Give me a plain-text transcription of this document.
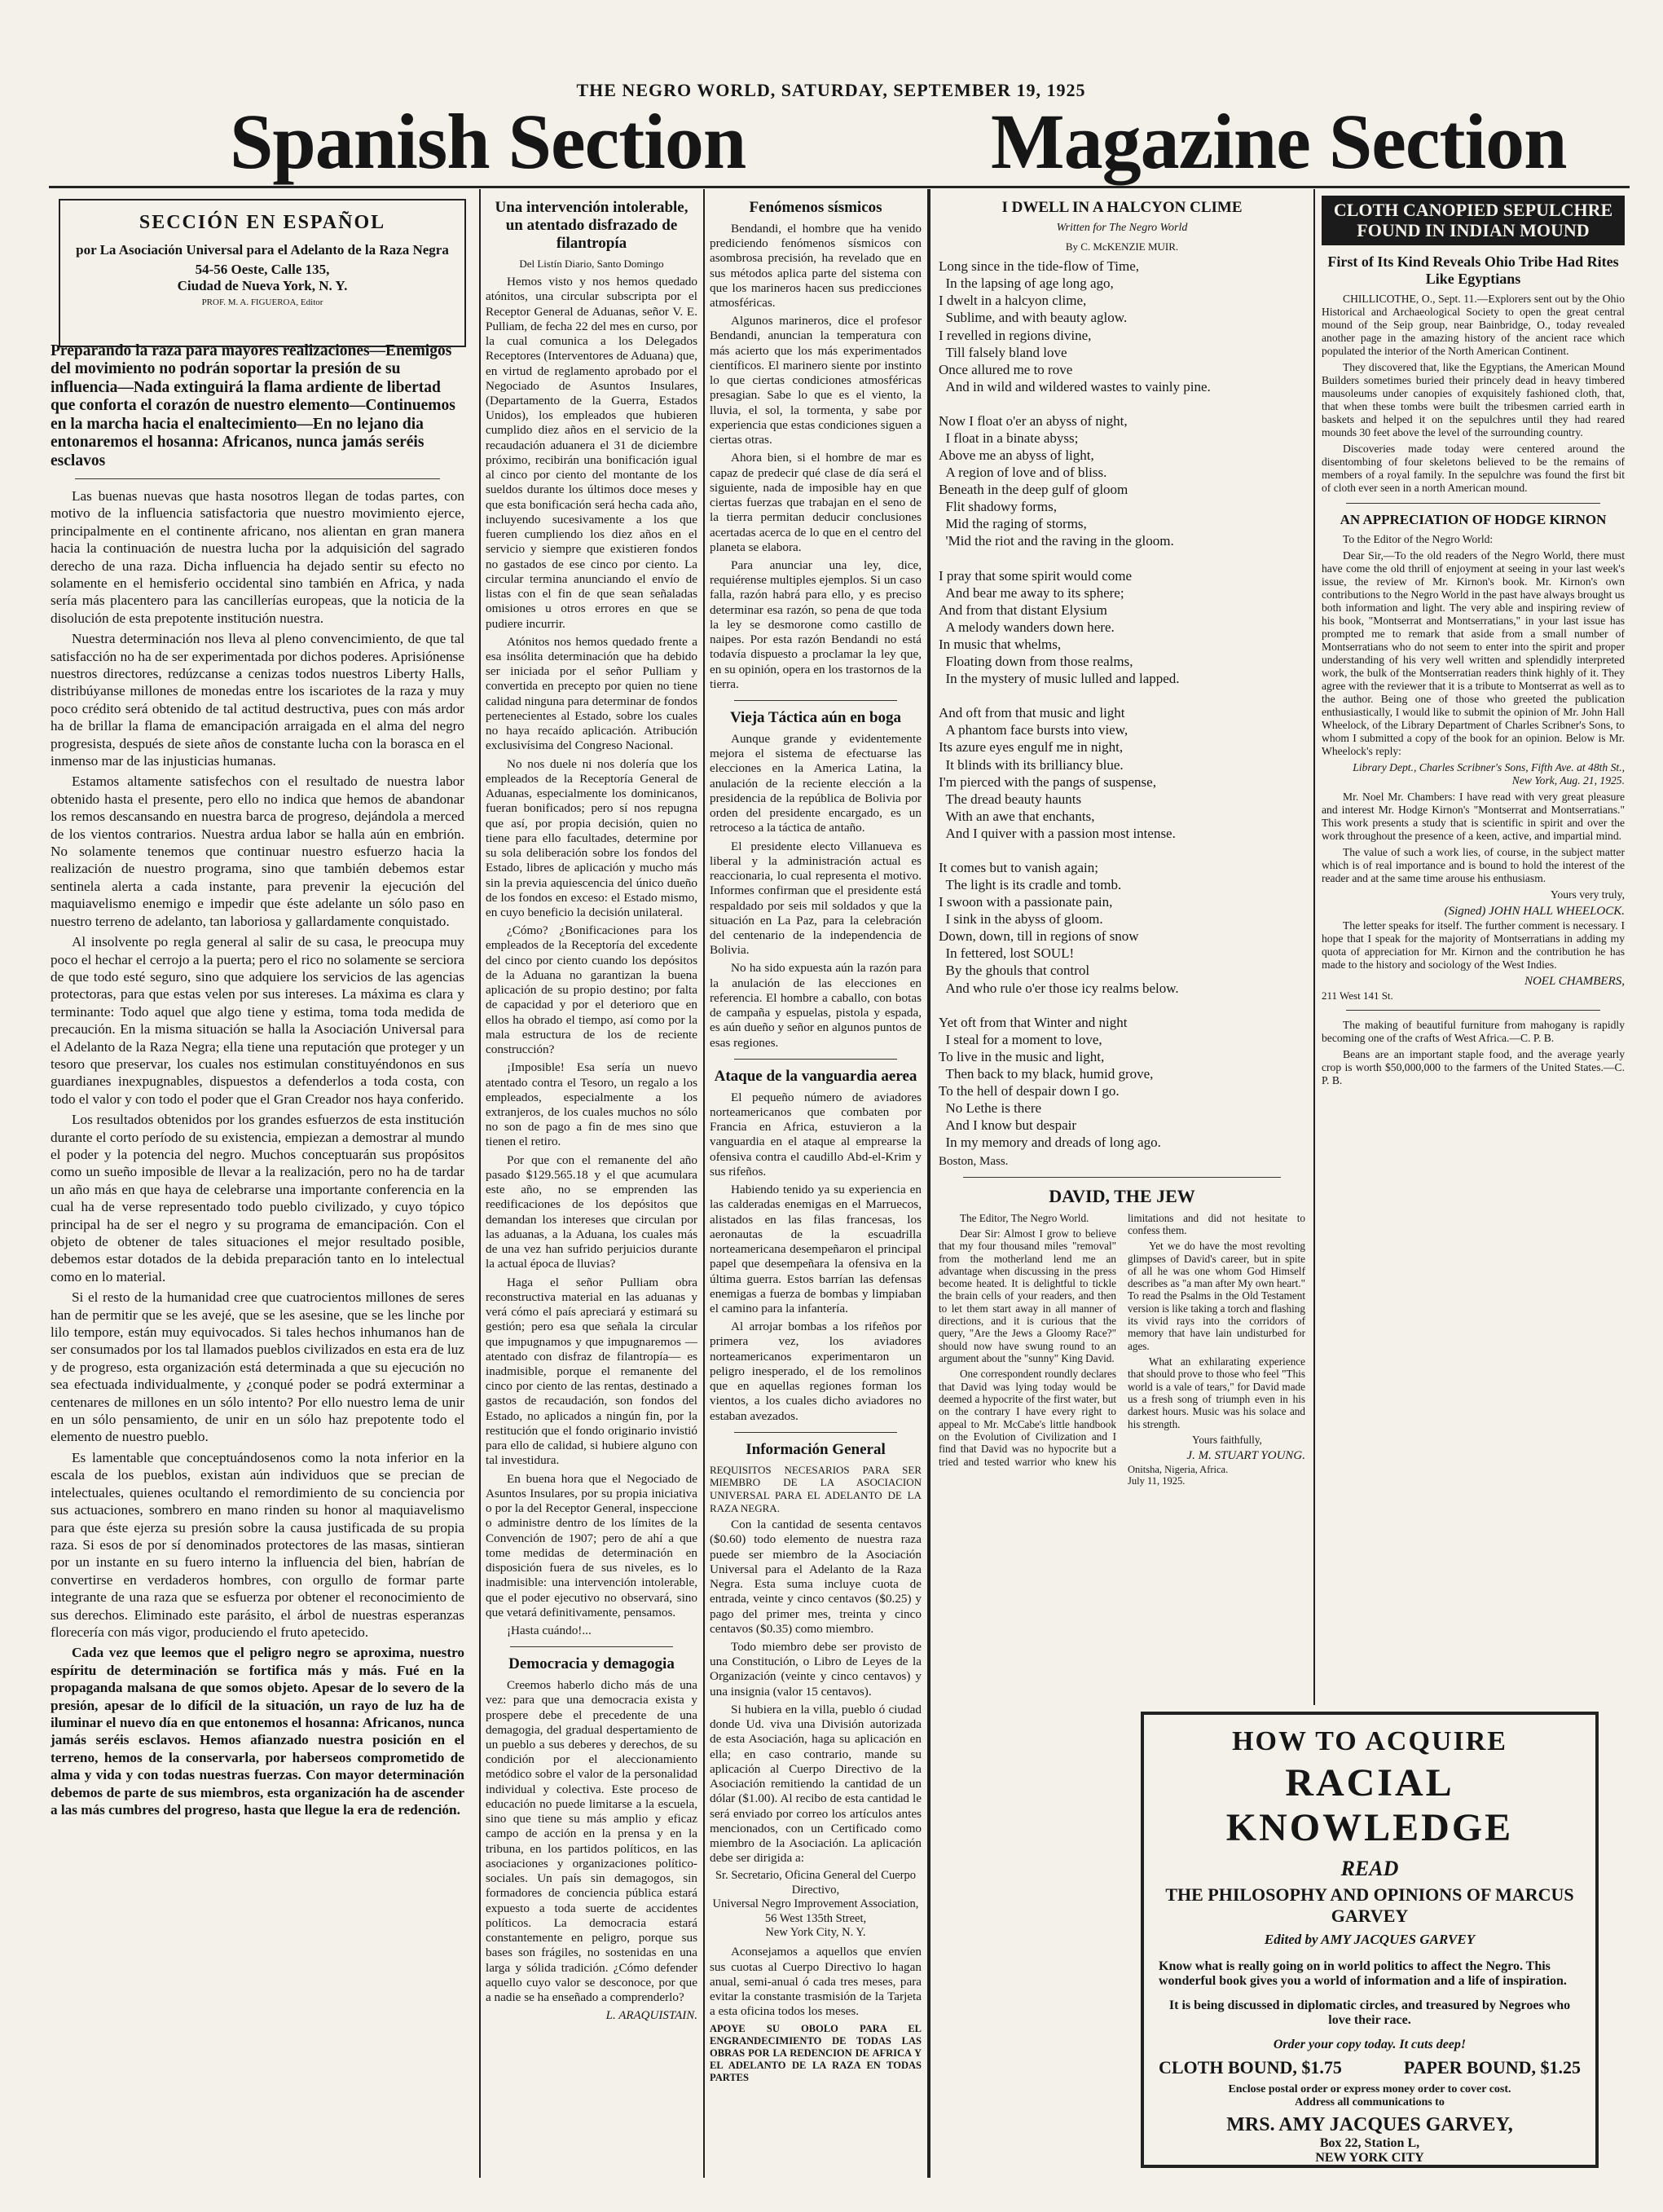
THE NEGRO WORLD, SATURDAY, SEPTEMBER 19, 1925
Spanish Section	Magazine Section
SECCIÓN EN ESPAÑOL
por La Asociación Universal para el Adelanto de la Raza Negra
54-56 Oeste, Calle 135,
Ciudad de Nueva York, N. Y.
PROF. M. A. FIGUEROA, Editor
Preparando la raza para mayores realizaciones—Enemigos del movimiento no podrán soportar la presión de su influencia—Nada extinguirá la flama ardiente de libertad que conforta el corazón de nuestro elemento—Continuemos en la marcha hacia el enaltecimiento—En no lejano dia entonaremos el hosanna: Africanos, nunca jamás seréis esclavos

Las buenas nuevas que hasta nosotros llegan de todas partes, con motivo de la influencia satisfactoria que nuestro movimiento ejerce, principalmente en el continente africano, nos alientan en gran manera hacia la continuación de nuestra lucha por la adquisición del sagrado derecho de una raza. Dicha influencia ha dejado sentir su efecto no solamente en el hemisferio occidental sino también en Africa, y nada sería más placentero para las cancillerías europeas, que la noticia de la disolución de esta prepotente institución nuestra.

Nuestra determinación nos lleva al pleno convencimiento, de que tal satisfacción no ha de ser experimentada por dichos poderes. Aprisiónense nuestros directores, redúzcanse a cenizas todos nuestros Liberty Halls, distribúyanse millones de monedas entre los iscariotes de la raza y muy poco crédito será obtenido de tal actitud destructiva, pues con más ardor ha de brillar la flama de emancipación arraigada en el alma del negro progresista, después de siete años de constante lucha con la borasca en el inmenso mar de las injusticias humanas.

Estamos altamente satisfechos con el resultado de nuestra labor obtenido hasta el presente, pero ello no indica que hemos de abandonar los remos descansando en nuestra barca de progreso, dejándola a merced de los vientos contrarios. Nuestra ardua labor se halla aún en embrión. No solamente tenemos que continuar nuestro esfuerzo hacia la realización de nuestro programa, sino que también debemos estar sentinela alerta a cada instante, para prevenir la ejecución del maquiavelismo enemigo e impedir que éste adelante un sólo paso en nuestro terreno de adelanto, tan laboriosa y gallardamente conquistado.

Al insolvente po regla general al salir de su casa, le preocupa muy poco el hechar el cerrojo a la puerta; pero el rico no solamente se serciora de que todo esté seguro, sino que adquiere los servicios de las agencias protectoras, para que estas velen por sus intereses. La máxima es clara y terminante: Todo aquel que algo tiene y estima, toma toda medida de precaución. En la misma situación se halla la Asociación Universal para el Adelanto de la Raza Negra; ella tiene una reputación que proteger y un tesoro que preservar, los cuales nos estimulan constituyéndonos en sus guardianes inexpugnables, dispuestos a defenderlos a toda costa, con todo el valor y con todo el poder que el Gran Creador nos haya conferido.

Los resultados obtenidos por los grandes esfuerzos de esta institución durante el corto período de su existencia, empiezan a demostrar al mundo el poder y la potencia del negro. Muchos conceptuarán sus propósitos como un sueño imposible de llevar a la realización, pero no ha de tardar un año más en que haya de celebrarse una importante conferencia en la cual ha de verse representado todo pueblo civilizado, y cuyo tópico principal ha de ser el negro y su programa de emancipación. Con el objeto de obtener de tales situaciones el mejor resultado posible, debemos estar dotados de la debida preparación tanto en lo intelectual como en lo material.

Si el resto de la humanidad cree que cuatrocientos millones de seres han de permitir que se les avejé, que se les asesine, que se les linche por lilo tempore, están muy equivocados. Si tales hechos inhumanos han de ser consumados por los tal llamados pueblos civilizados en esta era de luz y de progreso, esta organización está determinada a que su ejecución no sea efectuada individualmente, y ¿conqué poder se podrá exterminar a centenares de millones en un sólo intento? Por ello nuestro lema de unir en un sólo pensamiento, de unir en un sólo haz prepotente todo el elemento de nuestro pueblo.

Es lamentable que conceptuándosenos como la nota inferior en la escala de los pueblos, existan aún individuos que se precian de intelectuales, quienes ocultando el remordimiento de su conciencia por sus actuaciones, sombrero en mano rinden su honor al maquiavelismo para que éste ejerza su presión sobre la causa justificada de su propia raza. Si esos de por sí denominados protectores de las masas, sintieran por un instante en su fuero interno la influencia del bien, habrían de convertirse en verdaderos hombres, con orgullo de formar parte integrante de una raza que se esfuerza por obtener el reconocimiento de sus derechos. Eliminado este parásito, el árbol de nuestras esperanzas florecería con más vigor, produciendo el fruto apetecido.

Cada vez que leemos que el peligro negro se aproxima, nuestro espíritu de determinación se fortifica más y más. Fué en la propaganda malsana de que somos objeto. Apesar de lo severo de la presión, apesar de lo difícil de la situación, un rayo de luz ha de iluminar el nuevo día en que entonemos el hosanna: Africanos, nunca jamás seréis esclavos. Hemos afianzado nuestra posición en el terreno, hemos de la conservarla, por haberseos comprometido de alma y vida y con todas nuestras fuerzas. Con mayor determinación debemos de parte de sus miembros, esta organización ha de ascender a las más cumbres del progreso, hasta que llegue la era de redención.

Una intervención intolerable, un atentado disfrazado de filantropía
Del Listín Diario, Santo Domingo

Hemos visto y nos hemos quedado atónitos, una circular subscripta por el Receptor General de Aduanas, señor V. E. Pulliam, de fecha 22 del mes en curso, por la cual comunica a los Delegados Receptores (Interventores de Aduana) que, en virtud de reglamento aprobado por el Negociado de Asuntos Insulares, (Departamento de la Guerra, Estados Unidos), los empleados que hubieren cumplido diez años en el servicio de la recaudación aduanera el 31 de diciembre próximo, recibirán una bonificación igual al cinco por ciento del montante de los sueldos durante los últimos doce meses y que esta bonificación será hecha cada año, incluyendo sucesivamente a los que fueren cumpliendo los diez años en el servicio y siempre que existieren fondos no gastados de ese cinco por ciento. La circular termina anunciando el envío de listas con el fin de que sean señaladas omisiones u otros errores en que se pudiere incurrir.

Atónitos nos hemos quedado frente a esa insólita determinación que ha debido ser iniciada por el señor Pulliam y convertida en precepto por quien no tiene calidad ninguna para determinar de fondos pertenecientes al Estado, sobre los cuales no haya recaído aplicación. Atribución exclusivísima del Congreso Nacional.

No nos duele ni nos dolería que los empleados de la Receptoría General de Aduanas, especialmente los dominicanos, fueran bonificados; pero sí nos repugna que así, por propia decisión, quien no tiene para ello facultades, determine por su sola deliberación sobre los fondos del Estado, libres de aplicación y mucho más sin la previa aquiescencia del único dueño de los fondos en exceso: el Estado mismo, en cuyo beneficio la decisión unilateral.

¿Cómo? ¿Bonificaciones para los empleados de la Receptoría del excedente del cinco por ciento cuando los depósitos de la Aduana no garantizan la buena aplicación de su propio destino; por falta de capacidad y por el deterioro que en ellos ha obrado el tiempo, así como por la mala estructura de los de reciente construcción?

¡Imposible! Esa sería un nuevo atentado contra el Tesoro, un regalo a los empleados, especialmente a los extranjeros, de los cuales muchos no sólo no son de pago a fin de mes sino que tienen el retiro.

Por que con el remanente del año pasado $129.565.18 y el que acumulara este año, no se emprenden las reedificaciones de los depósitos que demandan los intereses que circulan por las aduanas, a la Aduana, los cuales más de una vez han sufrido perjuicios durante la actual época de lluvias?

Haga el señor Pulliam obra reconstructiva material en las aduanas y verá cómo el país apreciará y estimará su gestión; pero esa que señala la circular que impugnamos y que impugnaremos —atentado con disfraz de filantropía— es inadmisible, porque el remanente del cinco por ciento de las rentas, destinado a gastos de recaudación, son fondos del Estado, no aplicados a ningún fin, por la restitución que el fondo originario invistió para ello de calidad, si hubiere alguno con tal investidura.

En buena hora que el Negociado de Asuntos Insulares, por su propia iniciativa o por la del Receptor General, inspeccione o administre dentro de los límites de la Convención de 1907; pero de ahí a que tome medidas de determinación en disposición fuera de sus niveles, es lo inadmisible: una intervención intolerable, que el poder ejecutivo no observará, sino que vetará definitivamente, pensamos.

¡Hasta cuándo!...

Democracia y demagogia

Creemos haberlo dicho más de una vez: para que una democracia exista y prospere debe el precedente de una demagogia, del gradual despertamiento de un pueblo a sus deberes y derechos, de su condición por el aleccionamiento metódico sobre el valor de la personalidad individual y colectiva. Este proceso de educación no puede limitarse a la escuela, sino que tiene su más amplio y eficaz campo de acción en la prensa y en la tribuna, en los partidos políticos, en las asociaciones y organizaciones político-sociales. Un país sin demagogos, sin formadores de conciencia pública estará expuesto a toda suerte de accidentes políticos. La democracia estará constantemente en peligro, porque sus bases son frágiles, no sostenidas en una larga y sólida tradición. ¿Cómo defender aquello cuyo valor se desconoce, por que a nadie se ha enseñado a comprenderlo?

L. ARAQUISTAIN.
Fenómenos sísmicos

Bendandi, el hombre que ha venido prediciendo fenómenos sísmicos con asombrosa precisión, ha revelado que en sus métodos aplica parte del sistema con que los marineros hacen sus predicciones atmosféricas.

Algunos marineros, dice el profesor Bendandi, anuncian la temperatura con más acierto que los más experimentados científicos. El marinero siente por instinto lo que ciertas condiciones atmosféricas presagian. Sabe lo que es el viento, la lluvia, el sol, la tormenta, y sabe por experiencia que estas condiciones siguen a ciertas otras.

Ahora bien, si el hombre de mar es capaz de predecir qué clase de día será el siguiente, nada de imposible hay en que ciertas fuerzas que trabajan en el seno de la tierra permitan deducir conclusiones acertadas acerca de lo que en el centro del planeta se elabora.

Para anunciar una ley, dice, requiérense multiples ejemplos. Si un caso falla, razón habrá para ello, y es preciso determinar esa razón, so pena de que toda la ley se desmorone como castillo de naipes. Por esta razón Bendandi no está todavía dispuesto a proclamar la ley que, en su opinión, opera en los trastornos de la tierra.

Vieja Táctica aún en boga

Aunque grande y evidentemente mejora el sistema de efectuarse las elecciones en la America Latina, la anulación de la reciente elección a la presidencia de la república de Bolivia por orden del presidente encargado, es un retroceso a la táctica de antaño.

El presidente electo Villanueva es liberal y la administración actual es reaccionaria, lo cual representa el motivo. Informes confirman que el presidente está respaldado por seis mil soldados y que la situación en La Paz, para la celebración del centenario de la independencia de Bolivia.

No ha sido expuesta aún la razón para la anulación de las elecciones en referencia. El hombre a caballo, con botas de campaña y espuelas, pistola y espada, es aún dueño y señor en algunos puntos de esas regiones.

Ataque de la vanguardia aerea

El pequeño número de aviadores norteamericanos que combaten por Francia en Africa, estuvieron a la vanguardia en el ataque al emprearse la ofensiva contra el caudillo Abd-el-Krim y sus rifeños.

Habiendo tenido ya su experiencia en las calderadas enemigas en el Marruecos, alistados en las filas francesas, los aeronautas de la escuadrilla norteamericana desempeñaron el principal papel que desempeñara la ofensiva en la última guerra. Estos barrían las defensas enemigas a fuerza de bombas y limpiaban el camino para la infantería.

Al arrojar bombas a los rifeños por primera vez, los aviadores norteamericanos experimentaron un peligro inesperado, el de los remolinos que en aquellas regiones forman los vientos, a los cuales dicho aviadores no estaban avezados.

Información General

REQUISITOS NECESARIOS PARA SER MIEMBRO DE LA ASOCIACION UNIVERSAL PARA EL ADELANTO DE LA RAZA NEGRA.

Con la cantidad de sesenta centavos ($0.60) todo elemento de nuestra raza puede ser miembro de la Asociación Universal para el Adelanto de la Raza Negra. Esta suma incluye cuota de entrada, veinte y cinco centavos ($0.25) y pago del primer mes, treinta y cinco centavos ($0.35) como miembro.

Todo miembro debe ser provisto de una Constitución, o Libro de Leyes de la Organización (veinte y cinco centavos) y una insignia (valor 15 centavos).

Si hubiera en la villa, pueblo ó ciudad donde Ud. viva una División autorizada de esta Asociación, haga su aplicación en ella; en caso contrario, mande su aplicación al Cuerpo Directivo de la Asociación remitiendo la cantidad de un dólar ($1.00). Al recibo de esta cantidad le será enviado por correo los artículos antes mencionados, con un Certificado como miembro de la Asociación. La aplicación debe ser dirigida a:

Sr. Secretario, Oficina General del Cuerpo Directivo,
Universal Negro Improvement Association,
56 West 135th Street,
New York City, N. Y.

Aconsejamos a aquellos que envíen sus cuotas al Cuerpo Directivo lo hagan anual, semi-anual ó cada tres meses, para evitar la constante trasmisión de la Tarjeta a esta oficina todos los meses.

APOYE SU OBOLO PARA EL ENGRANDECIMIENTO DE TODAS LAS OBRAS POR LA REDENCION DE AFRICA Y EL ADELANTO DE LA RAZA EN TODAS PARTES

I DWELL IN A HALCYON CLIME
Written for The Negro World
By C. McKENZIE MUIR.
Long since in the tide-flow of Time,
In the lapsing of age long ago,
I dwelt in a halcyon clime,
Sublime, and with beauty aglow.
I revelled in regions divine,
Till falsely bland love
Once allured me to rove
And in wild and wildered wastes to vainly pine.

Now I float o'er an abyss of night,
I float in a binate abyss;
Above me an abyss of light,
A region of love and of bliss.
Beneath in the deep gulf of gloom
Flit shadowy forms,
Mid the raging of storms,
'Mid the riot and the raving in the gloom.

I pray that some spirit would come
And bear me away to its sphere;
And from that distant Elysium
A melody wanders down here.
In music that whelms,
Floating down from those realms,
In the mystery of music lulled and lapped.

And oft from that music and light
A phantom face bursts into view,
Its azure eyes engulf me in night,
It blinds with its brilliancy blue.
I'm pierced with the pangs of suspense,
The dread beauty haunts
With an awe that enchants,
And I quiver with a passion most intense.

It comes but to vanish again;
The light is its cradle and tomb.
I swoon with a passionate pain,
I sink in the abyss of gloom.
Down, down, till in regions of snow
In fettered, lost SOUL!
By the ghouls that control
And who rule o'er those icy realms below.

Yet oft from that Winter and night
I steal for a moment to love,
To live in the music and light,
Then back to my black, humid grove,
To the hell of despair down I go.
No Lethe is there
And I know but despair
In my memory and dreads of long ago.
Boston, Mass.
DAVID, THE JEW

The Editor, The Negro World.

Dear Sir: Almost I grow to believe that my four thousand miles "removal" from the motherland lend me an advantage when discussing in the press become heated. It is delightful to tickle the brain cells of your readers, and then to let them start away in all manner of directions, and it is curious that the query, "Are the Jews a Gloomy Race?" should now have swung round to an argument about the "sunny" King David.

One correspondent roundly declares that David was lying today would be deemed a hypocrite of the first water, but on the contrary I have every right to appeal to Mr. McCabe's little handbook on the Evolution of Civilization and I find that David was no hypocrite but a tried and tested warrior who knew his limitations and did not hesitate to confess them.

Yet we do have the most revolting glimpses of David's career, but in spite of all he was one whom God Himself describes as "a man after My own heart." To read the Psalms in the Old Testament version is like taking a torch and flashing its vivid rays into the corridors of memory that have lain undisturbed for ages.

What an exhilarating experience that should prove to those who feel "This world is a vale of tears," for David made us a fresh song of triumph even in his darkest hours. Music was his solace and his strength.

Yours faithfully,

J. M. STUART YOUNG.
Onitsha, Nigeria, Africa.
July 11, 1925.
CLOTH CANOPIED SEPULCHRE FOUND IN INDIAN MOUND
First of Its Kind Reveals Ohio Tribe Had Rites Like Egyptians

CHILLICOTHE, O., Sept. 11.—Explorers sent out by the Ohio Historical and Archaeological Society to open the great central mound of the Seip group, near Bainbridge, O., today revealed another page in the amazing history of the ancient race which populated the interior of the North American Continent.

They discovered that, like the Egyptians, the American Mound Builders sometimes buried their princely dead in heavy timbered mausoleums under canopies of exquisitely fashioned cloth, that, that when these tombs were built the tribesmen carried earth in baskets and helped it on the sepulchres until they had reared mounds 30 feet above the level of the surrounding country.

Discoveries made today were centered around the disentombing of four skeletons believed to be the remains of members of a royal family. In the sepulchre was found the first bit of cloth ever seen in a north American mound.

AN APPRECIATION OF HODGE KIRNON

To the Editor of the Negro World:

Dear Sir,—To the old readers of the Negro World, there must have come the old thrill of enjoyment at seeing in your last week's issue, the review of Mr. Kirnon's book. Mr. Kirnon's own contributions to the Negro World in the past have always brought us both information and light. The very able and inspiring review of his book, "Montserrat and Montserratians," in your last issue has prompted me to remark that aside from a small number of Montserratians who do not seem to enter into the spirit and proper understanding of his very well written and splendidly interpreted work, the bulk of the Montserratian readers think highly of it. They agree with the reviewer that it is a tribute to Montserrat as well as to the author. Being one of those who greeted the publication enthusiastically, I would like to submit the opinion of Mr. John Hall Wheelock, of the Library Department of Charles Scribner's Sons, to whom I submitted a copy of the book for an opinion. Below is Mr. Wheelock's reply:

Library Dept., Charles Scribner's Sons, Fifth Ave. at 48th St., New York, Aug. 21, 1925.

Mr. Noel Mr. Chambers: I have read with very great pleasure and interest Mr. Hodge Kirnon's "Montserrat and Montserratians." This work presents a study that is scientific in spirit and over the work throughout the presence of a keen, active, and impartial mind.

The value of such a work lies, of course, in the subject matter which is of real importance and is bound to hold the interest of the reader and at the same time arouse his enthusiasm.

Yours very truly,

(Signed) JOHN HALL WHEELOCK.

The letter speaks for itself. The further comment is necessary. I hope that I speak for the majority of Montserratians in adding my quota of appreciation for Mr. Kirnon and the contribution he has made to the history and sociology of the West Indies.

NOEL CHAMBERS,
211 West 141 St.

The making of beautiful furniture from mahogany is rapidly becoming one of the crafts of West Africa.—C. P. B.

Beans are an important staple food, and the average yearly crop is worth $50,000,000 to the farmers of the United States.—C. P. B.

HOW TO ACQUIRE
RACIAL KNOWLEDGE
READ
THE PHILOSOPHY AND OPINIONS OF MARCUS GARVEY
Edited by AMY JACQUES GARVEY
Know what is really going on in world politics to affect the Negro. This wonderful book gives you a world of information and a life of inspiration.
It is being discussed in diplomatic circles, and treasured by Negroes who love their race.
Order your copy today. It cuts deep!
CLOTH BOUND, $1.75	PAPER BOUND, $1.25
Enclose postal order or express money order to cover cost.
Address all communications to
MRS. AMY JACQUES GARVEY,
Box 22, Station L,
NEW YORK CITY
